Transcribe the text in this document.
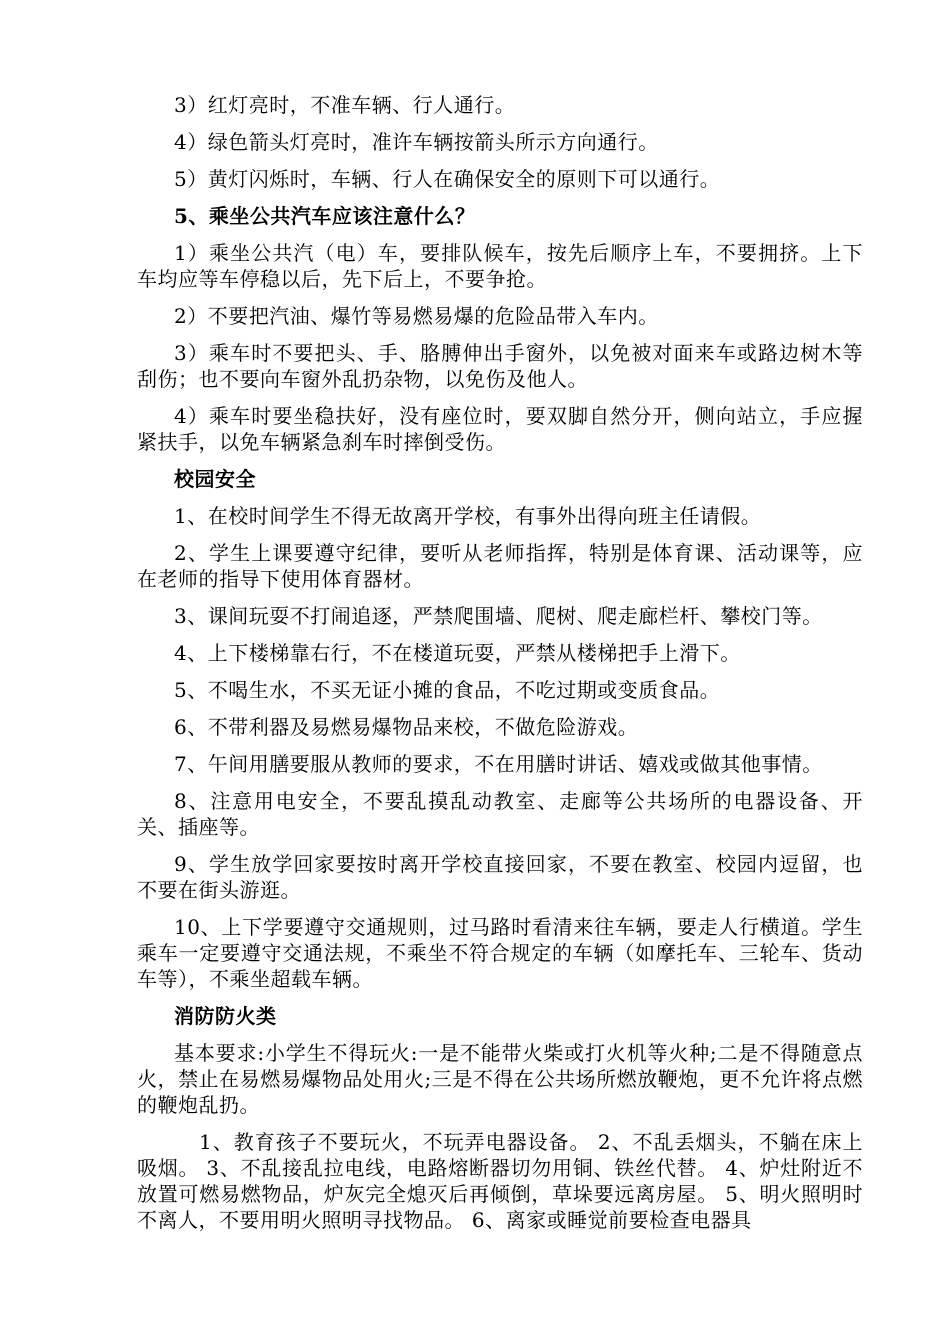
3）红灯亮时，不准车辆、行人通行。

4）绿色箭头灯亮时，准许车辆按箭头所示方向通行。

5）黄灯闪烁时，车辆、行人在确保安全的原则下可以通行。

5、乘坐公共汽车应该注意什么？

1）乘坐公共汽（电）车，要排队候车，按先后顺序上车，不要拥挤。上下车均应等车停稳以后，先下后上，不要争抢。

2）不要把汽油、爆竹等易燃易爆的危险品带入车内。

3）乘车时不要把头、手、胳膊伸出手窗外，以免被对面来车或路边树木等刮伤；也不要向车窗外乱扔杂物，以免伤及他人。

4）乘车时要坐稳扶好，没有座位时，要双脚自然分开，侧向站立，手应握紧扶手，以免车辆紧急刹车时摔倒受伤。

校园安全

1、在校时间学生不得无故离开学校，有事外出得向班主任请假。

2、学生上课要遵守纪律，要听从老师指挥，特别是体育课、活动课等，应在老师的指导下使用体育器材。

3、课间玩耍不打闹追逐，严禁爬围墙、爬树、爬走廊栏杆、攀校门等。

4、上下楼梯靠右行，不在楼道玩耍，严禁从楼梯把手上滑下。

5、不喝生水，不买无证小摊的食品，不吃过期或变质食品。

6、不带利器及易燃易爆物品来校，不做危险游戏。

7、午间用膳要服从教师的要求，不在用膳时讲话、嬉戏或做其他事情。

8、注意用电安全，不要乱摸乱动教室、走廊等公共场所的电器设备、开关、插座等。

9、学生放学回家要按时离开学校直接回家，不要在教室、校园内逗留，也不要在街头游逛。

10、上下学要遵守交通规则，过马路时看清来往车辆，要走人行横道。学生乘车一定要遵守交通法规，不乘坐不符合规定的车辆（如摩托车、三轮车、货动车等），不乘坐超载车辆。

消防防火类

基本要求:小学生不得玩火:一是不能带火柴或打火机等火种;二是不得随意点火，禁止在易燃易爆物品处用火;三是不得在公共场所燃放鞭炮，更不允许将点燃的鞭炮乱扔。

1、教育孩子不要玩火，不玩弄电器设备。 2、不乱丢烟头，不躺在床上吸烟。 3、不乱接乱拉电线，电路熔断器切勿用铜、铁丝代替。 4、炉灶附近不放置可燃易燃物品，炉灰完全熄灭后再倾倒，草垛要远离房屋。 5、明火照明时不离人，不要用明火照明寻找物品。 6、离家或睡觉前要检查电器具
